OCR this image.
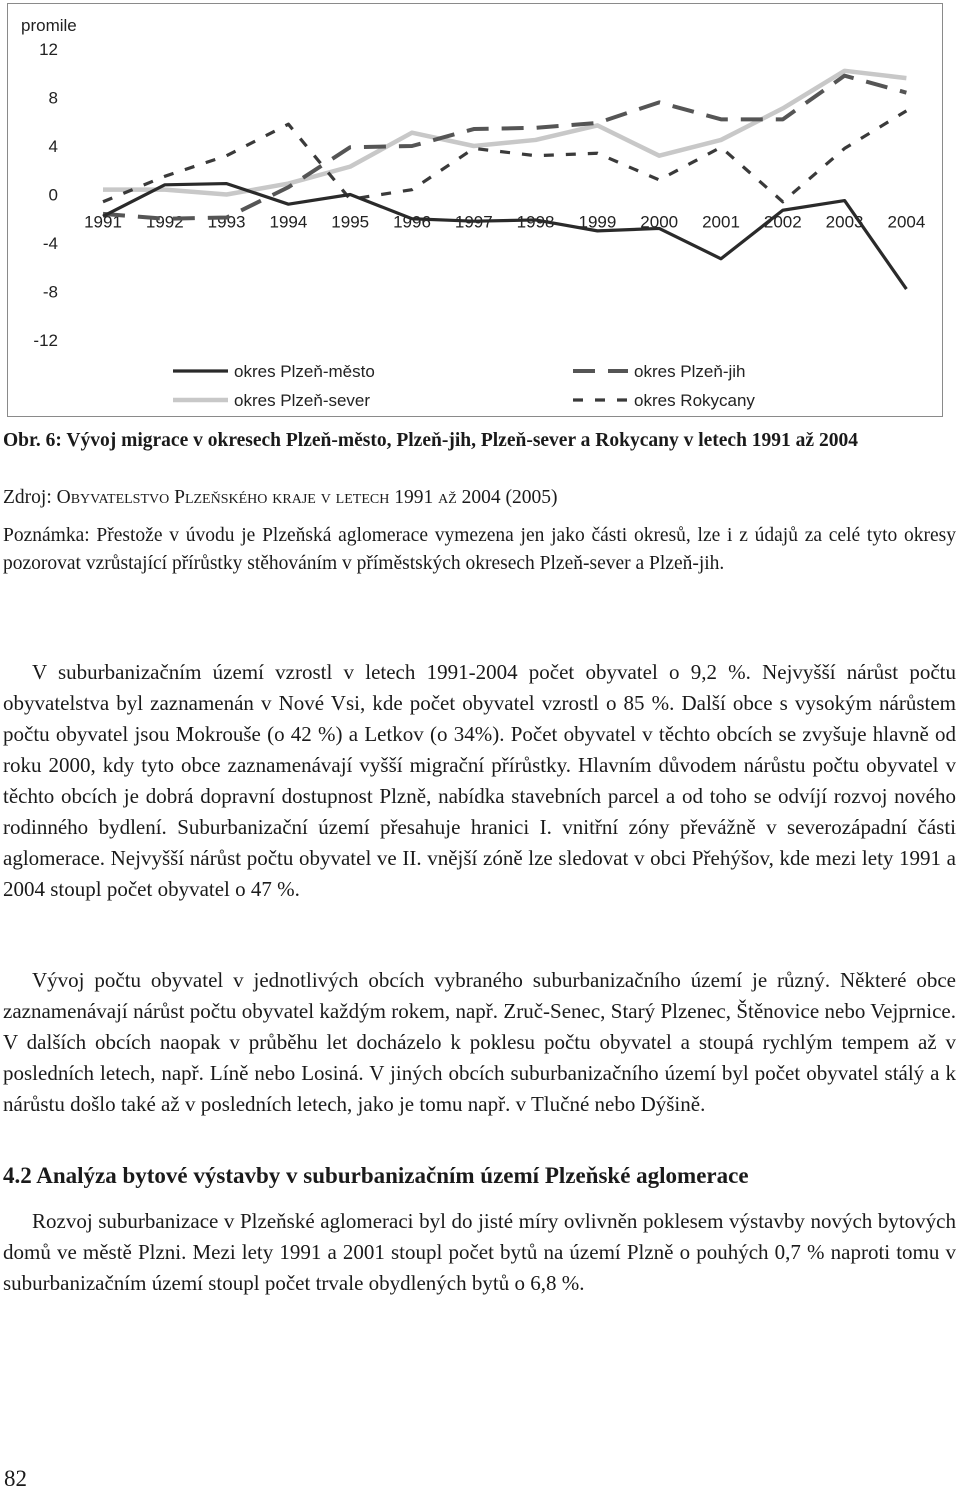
promile
12
8
4
0
-4
-8
-12
1991 1992 1993 1994 1995 1996 1997 1998 1999 2000 2001 2002 2003 2004
okres Plzeň-město	okres Plzeň-jih
okres Plzeň-sever	okres Rokycany
Obr. 6: Vývoj migrace v okresech Plzeň-město, Plzeň-jih, Plzeň-sever a Rokycany v letech 1991 až 2004
Zdroj: Obyvatelstvo Plzeňského kraje v letech 1991 až 2004 (2005)
Poznámka: Přestože v úvodu je Plzeňská aglomerace vymezena jen jako části okresů, lze i z údajů za celé tyto okresy pozorovat vzrůstající přírůstky stěhováním v příměstských okresech Plzeň-sever a Plzeň-jih.
V suburbanizačním území vzrostl v letech 1991-2004 počet obyvatel o 9,2 %. Nejvyšší nárůst počtu obyvatelstva byl zaznamenán v Nové Vsi, kde počet obyvatel vzrostl o 85 %. Další obce s vysokým nárůstem počtu obyvatel jsou Mokrouše (o 42 %) a Letkov (o 34%). Počet obyvatel v těchto obcích se zvyšuje hlavně od roku 2000, kdy tyto obce zaznamenávají vyšší migrační přírůstky. Hlavním důvodem nárůstu počtu obyvatel v těchto obcích je dobrá dopravní dostupnost Plzně, nabídka stavebních parcel a od toho se odvíjí rozvoj nového rodinného bydlení. Suburbanizační území přesahuje hranici I. vnitřní zóny převážně v severozápadní části aglomerace. Nejvyšší nárůst počtu obyvatel ve II. vnější zóně lze sledovat v obci Přehýšov, kde mezi lety 1991 a 2004 stoupl počet obyvatel o 47 %.
Vývoj počtu obyvatel v jednotlivých obcích vybraného suburbanizačního území je různý. Některé obce zaznamenávají nárůst počtu obyvatel každým rokem, např. Zruč-Senec, Starý Plzenec, Štěnovice nebo Vejprnice. V dalších obcích naopak v průběhu let docházelo k poklesu počtu obyvatel a stoupá rychlým tempem až v posledních letech, např. Líně nebo Losiná. V jiných obcích suburbanizačního území byl počet obyvatel stálý a k nárůstu došlo také až v posledních letech, jako je tomu např. v Tlučné nebo Dýšině.
4.2 Analýza bytové výstavby v suburbanizačním území Plzeňské aglomerace
Rozvoj suburbanizace v Plzeňské aglomeraci byl do jisté míry ovlivněn poklesem výstavby nových bytových domů ve městě Plzni. Mezi lety 1991 a 2001 stoupl počet bytů na území Plzně o pouhých 0,7 % naproti tomu v suburbanizačním území stoupl počet trvale obydlených bytů o 6,8 %.
82
